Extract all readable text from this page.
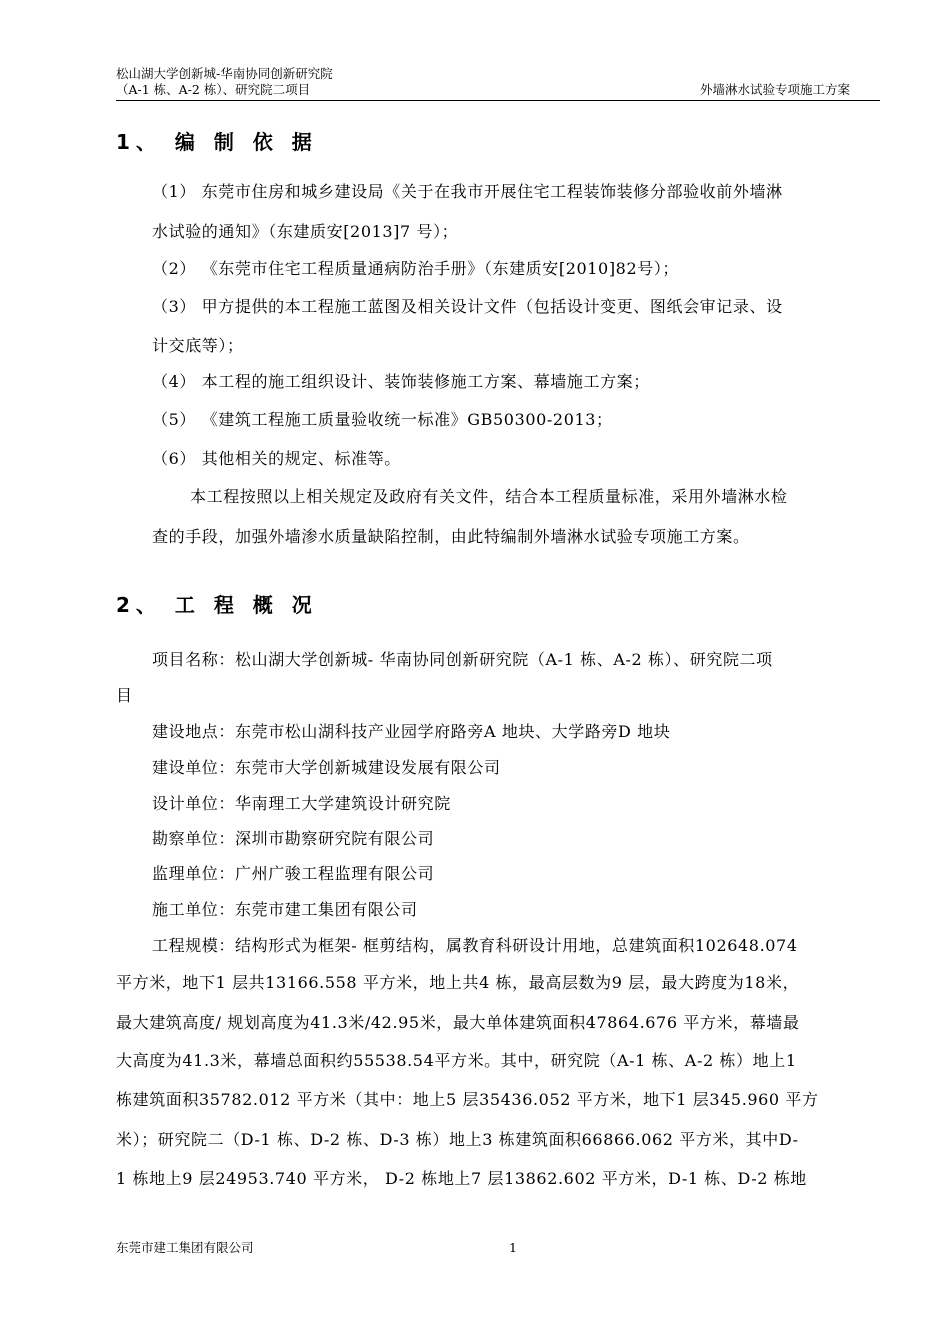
松山湖大学创新城-华南协同创新研究院
（A-1 栋、A-2 栋）、研究院二项目	外墙淋水试验专项施工方案
1、 编 制 依 据
（1） 东莞市住房和城乡建设局《关于在我市开展住宅工程装饰装修分部验收前外墙淋
水试验的通知》（东建质安[2013]7 号）；
（2） 《东莞市住宅工程质量通病防治手册》（东建质安[2010]82号）；
（3） 甲方提供的本工程施工蓝图及相关设计文件（包括设计变更、图纸会审记录、设
计交底等）；
（4） 本工程的施工组织设计、装饰装修施工方案、幕墙施工方案；
（5） 《建筑工程施工质量验收统一标准》GB50300-2013；
（6） 其他相关的规定、标准等。
本工程按照以上相关规定及政府有关文件，结合本工程质量标准，采用外墙淋水检
查的手段，加强外墙渗水质量缺陷控制，由此特编制外墙淋水试验专项施工方案。
2、 工 程 概 况
项目名称：松山湖大学创新城- 华南协同创新研究院（A-1 栋、A-2 栋）、研究院二项
目
建设地点：东莞市松山湖科技产业园学府路旁A 地块、大学路旁D 地块
建设单位：东莞市大学创新城建设发展有限公司
设计单位：华南理工大学建筑设计研究院
勘察单位：深圳市勘察研究院有限公司
监理单位：广州广骏工程监理有限公司
施工单位：东莞市建工集团有限公司
工程规模：结构形式为框架- 框剪结构，属教育科研设计用地，总建筑面积102648.074
平方米，地下1 层共13166.558 平方米，地上共4 栋，最高层数为9 层，最大跨度为18米，
最大建筑高度/ 规划高度为41.3米/42.95米，最大单体建筑面积47864.676 平方米，幕墙最
大高度为41.3米，幕墙总面积约55538.54平方米。其中，研究院（A-1 栋、A-2 栋）地上1
栋建筑面积35782.012 平方米（其中：地上5 层35436.052 平方米，地下1 层345.960 平方
米）；研究院二（D-1 栋、D-2 栋、D-3 栋）地上3 栋建筑面积66866.062 平方米，其中D-
1 栋地上9 层24953.740 平方米， D-2 栋地上7 层13862.602 平方米，D-1 栋、D-2 栋地
东莞市建工集团有限公司	1
